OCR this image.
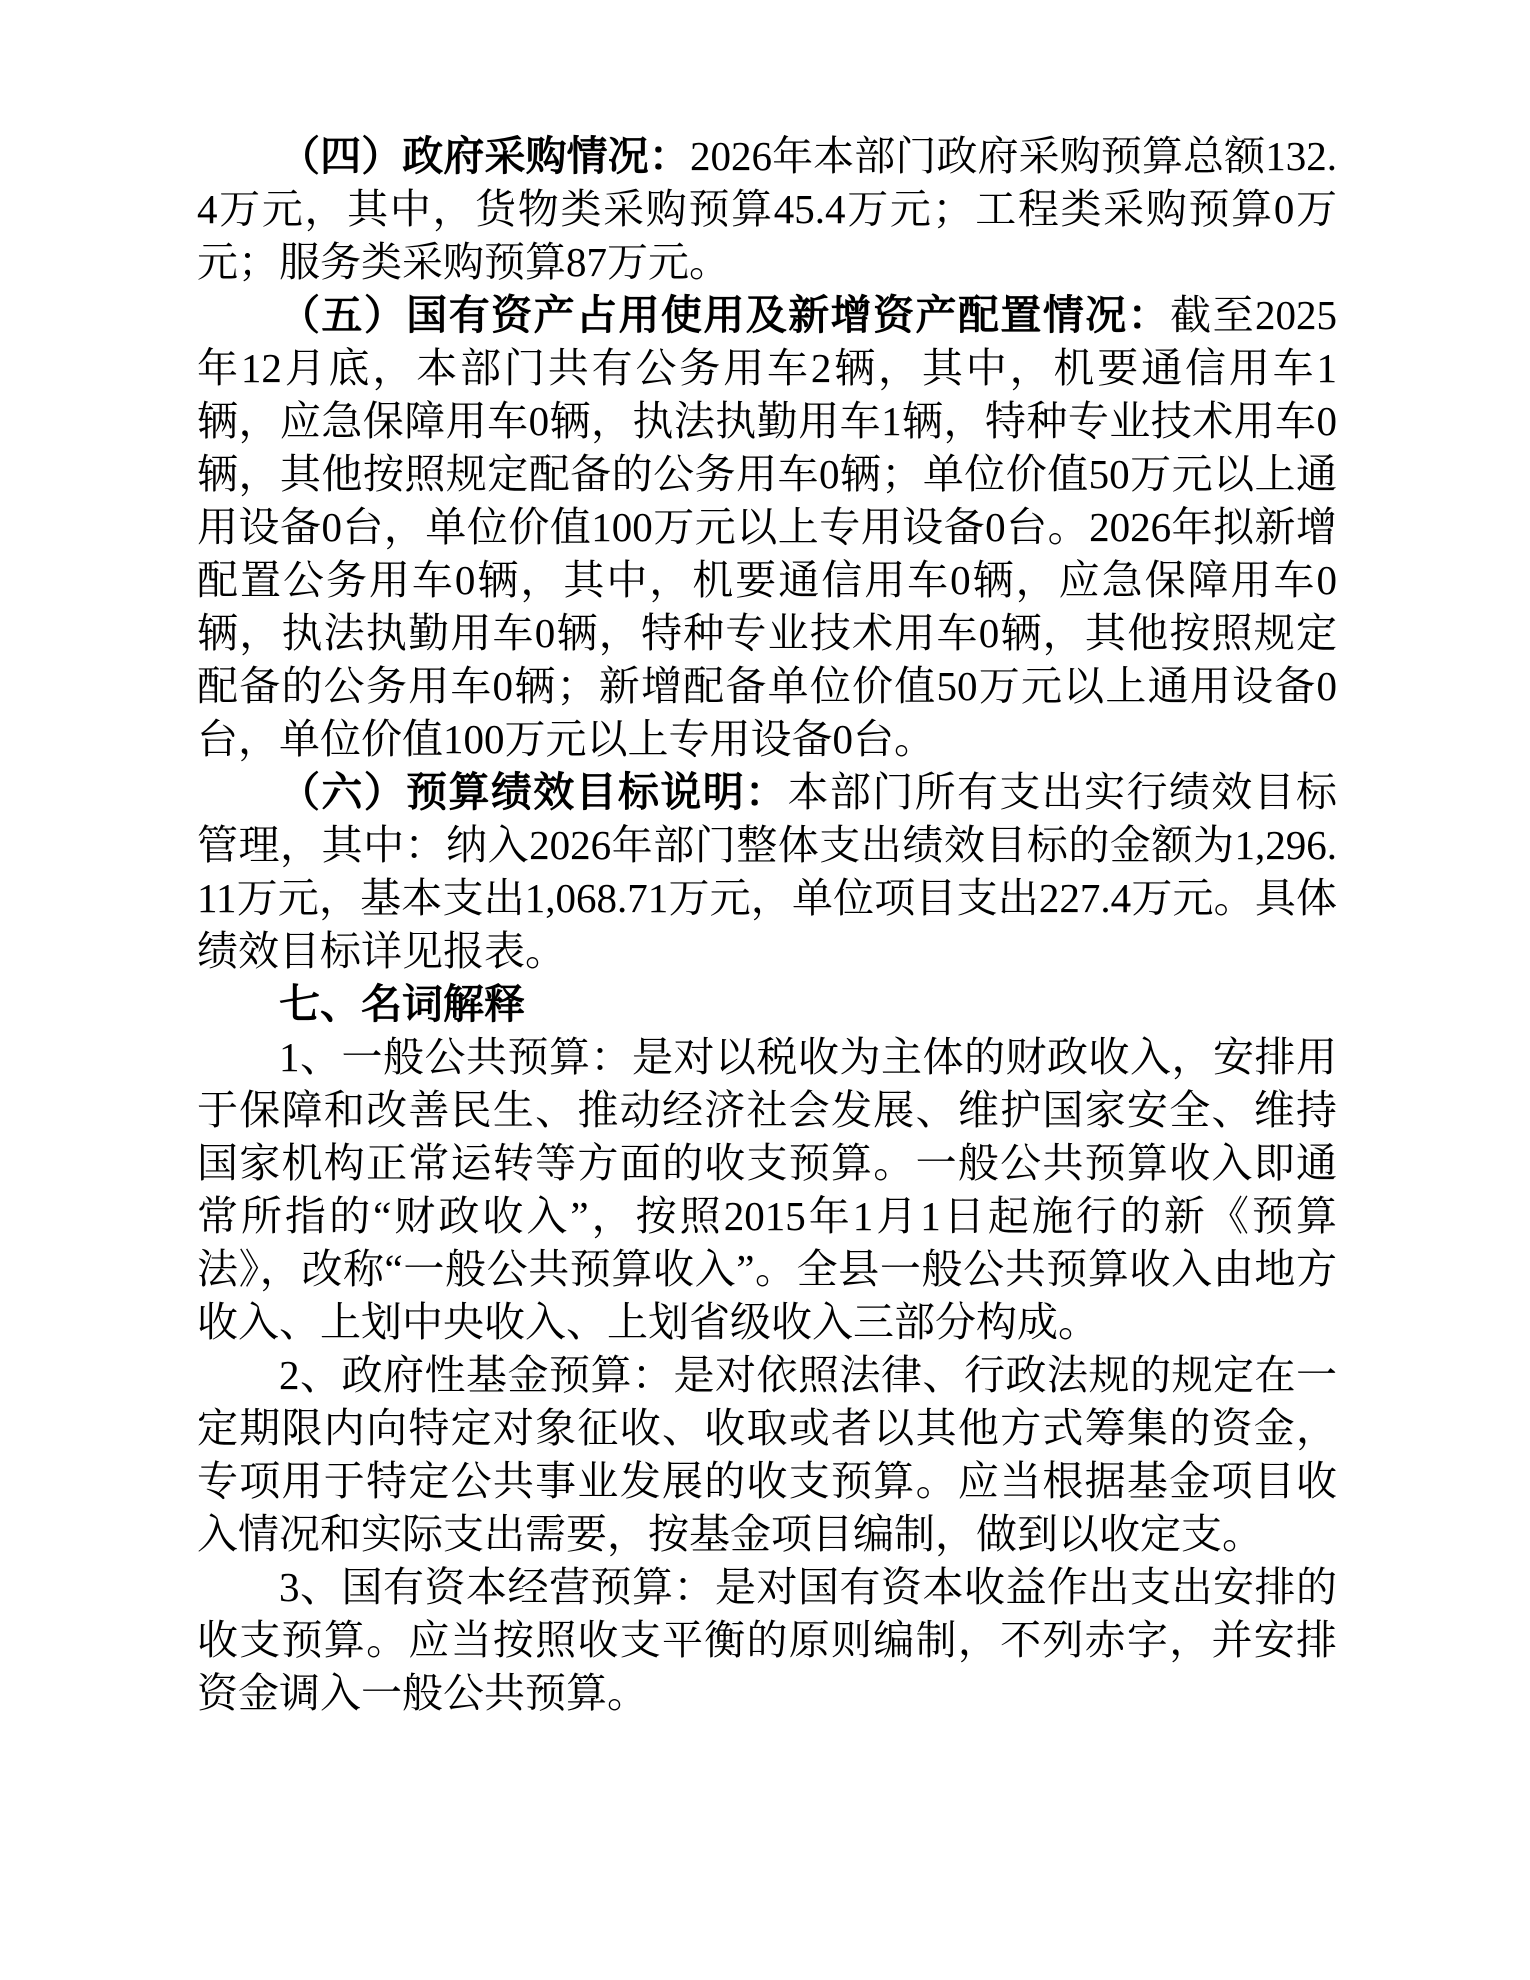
（四）政府采购情况：2026年本部门政府采购预算总额132.4万元，其中，货物类采购预算45.4万元；工程类采购预算0万元；服务类采购预算87万元。

（五）国有资产占用使用及新增资产配置情况：截至2025年12月底，本部门共有公务用车2辆，其中，机要通信用车1辆，应急保障用车0辆，执法执勤用车1辆，特种专业技术用车0辆，其他按照规定配备的公务用车0辆；单位价值50万元以上通用设备0台，单位价值100万元以上专用设备0台。2026年拟新增配置公务用车0辆，其中，机要通信用车0辆，应急保障用车0辆，执法执勤用车0辆，特种专业技术用车0辆，其他按照规定配备的公务用车0辆；新增配备单位价值50万元以上通用设备0台，单位价值100万元以上专用设备0台。

（六）预算绩效目标说明：本部门所有支出实行绩效目标管理，其中：纳入2026年部门整体支出绩效目标的金额为1,296.11万元，基本支出1,068.71万元，单位项目支出227.4万元。具体绩效目标详见报表。

七、名词解释

1、一般公共预算：是对以税收为主体的财政收入，安排用于保障和改善民生、推动经济社会发展、维护国家安全、维持国家机构正常运转等方面的收支预算。一般公共预算收入即通常所指的“财政收入”，按照2015年1月1日起施行的新《预算法》，改称“一般公共预算收入”。全县一般公共预算收入由地方收入、上划中央收入、上划省级收入三部分构成。

2、政府性基金预算：是对依照法律、行政法规的规定在一定期限内向特定对象征收、收取或者以其他方式筹集的资金，专项用于特定公共事业发展的收支预算。应当根据基金项目收入情况和实际支出需要，按基金项目编制，做到以收定支。

3、国有资本经营预算：是对国有资本收益作出支出安排的收支预算。应当按照收支平衡的原则编制，不列赤字，并安排资金调入一般公共预算。
